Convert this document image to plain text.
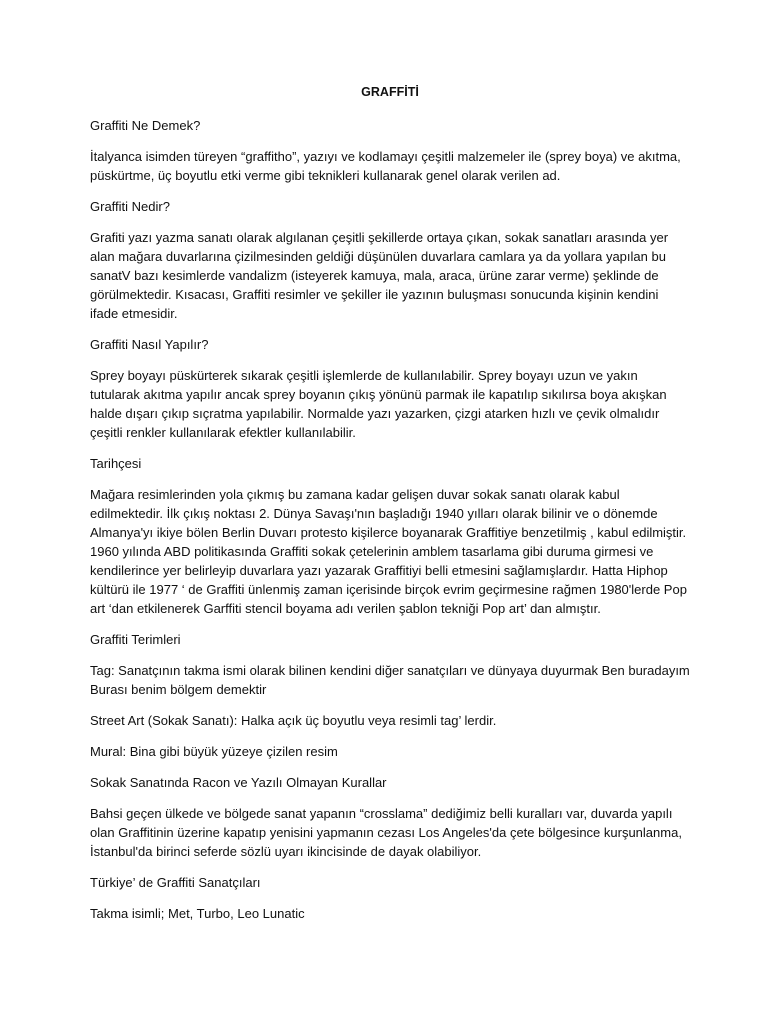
GRAFFİTİ

Graffiti Ne Demek?

İtalyanca isimden türeyen “graffitho”, yazıyı ve kodlamayı çeşitli malzemeler ile (sprey boya) ve akıtma, püskürtme, üç boyutlu etki verme gibi teknikleri kullanarak genel olarak verilen ad.

Graffiti Nedir?

Grafiti yazı yazma sanatı olarak algılanan çeşitli şekillerde ortaya çıkan, sokak sanatları arasında yer alan mağara duvarlarına çizilmesinden geldiği düşünülen duvarlara camlara ya da yollara yapılan bu sanatV bazı kesimlerde vandalizm (isteyerek kamuya, mala, araca, ürüne zarar verme) şeklinde de görülmektedir. Kısacası, Graffiti resimler ve şekiller ile yazının buluşması sonucunda kişinin kendini ifade etmesidir.

Graffiti Nasıl Yapılır?

Sprey boyayı püskürterek sıkarak çeşitli işlemlerde de kullanılabilir. Sprey boyayı uzun ve yakın tutularak akıtma yapılır ancak sprey boyanın çıkış yönünü parmak ile kapatılıp sıkılırsa boya akışkan halde dışarı çıkıp sıçratma yapılabilir. Normalde yazı yazarken, çizgi atarken hızlı ve çevik olmalıdır çeşitli renkler kullanılarak efektler kullanılabilir.

Tarihçesi

Mağara resimlerinden yola çıkmış bu zamana kadar gelişen duvar sokak sanatı olarak kabul edilmektedir. İlk çıkış noktası 2. Dünya Savaşı'nın başladığı 1940 yılları olarak bilinir ve o dönemde Almanya'yı ikiye bölen Berlin Duvarı protesto kişilerce boyanarak Graffitiye benzetilmiş , kabul edilmiştir. 1960 yılında ABD politikasında Graffiti sokak çetelerinin amblem tasarlama gibi duruma girmesi ve kendilerince yer belirleyip duvarlara yazı yazarak Graffitiyi belli etmesini sağlamışlardır. Hatta Hiphop kültürü ile 1977 ‘ de Graffiti ünlenmiş zaman içerisinde birçok evrim geçirmesine rağmen 1980'lerde Pop art ‘dan etkilenerek Garffiti stencil boyama adı verilen şablon tekniği Pop art’ dan almıştır.

Graffiti Terimleri

Tag: Sanatçının takma ismi olarak bilinen kendini diğer sanatçıları ve dünyaya duyurmak Ben buradayım Burası benim bölgem demektir

Street Art (Sokak Sanatı): Halka açık üç boyutlu veya resimli tag’ lerdir.

Mural: Bina gibi büyük yüzeye çizilen resim

Sokak Sanatında Racon ve Yazılı Olmayan Kurallar

Bahsi geçen ülkede ve bölgede sanat yapanın “crosslama” dediğimiz belli kuralları var, duvarda yapılı olan Graffitinin üzerine kapatıp yenisini yapmanın cezası Los Angeles'da çete bölgesince kurşunlanma, İstanbul'da birinci seferde sözlü uyarı ikincisinde de dayak olabiliyor.

Türkiye’ de Graffiti Sanatçıları

Takma isimli; Met, Turbo, Leo Lunatic
